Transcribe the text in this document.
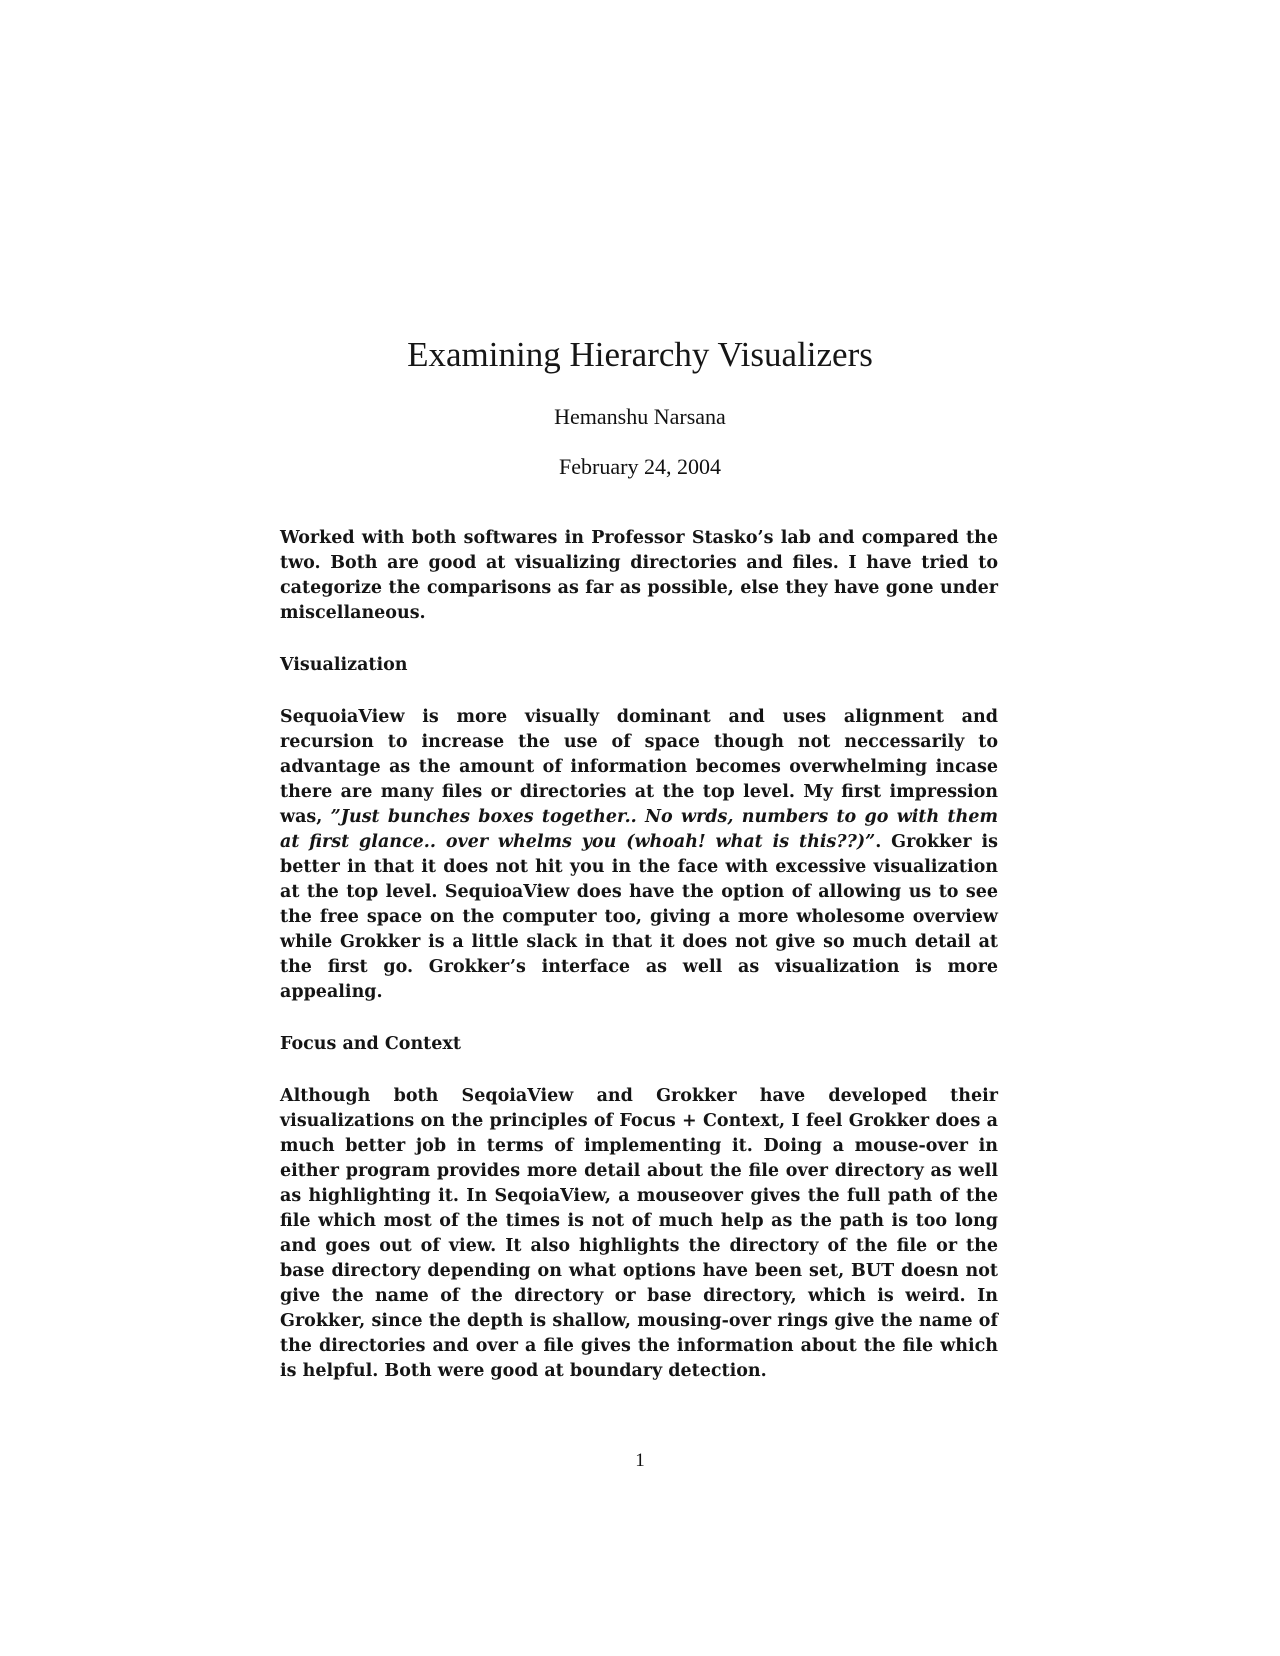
Examining Hierarchy Visualizers
Hemanshu Narsana
February 24, 2004

Worked with both softwares in Professor Stasko’s lab and compared the two. Both are good at visualizing directories and files. I have tried to categorize the comparisons as far as possible, else they have gone under miscellaneous.

Visualization

SequoiaView is more visually dominant and uses alignment and recursion to increase the use of space though not neccessarily to advantage as the amount of information becomes overwhelming incase there are many files or directories at the top level. My first impression was, ”Just bunches boxes together.. No wrds, numbers to go with them at first glance.. over whelms you (whoah! what is this??)”. Grokker is better in that it does not hit you in the face with excessive visualization at the top level. SequioaView does have the option of allowing us to see the free space on the computer too, giving a more wholesome overview while Grokker is a little slack in that it does not give so much detail at the first go. Grokker’s interface as well as visualization is more appealing.

Focus and Context

Although both SeqoiaView and Grokker have developed their visualizations on the principles of Focus + Context, I feel Grokker does a much better job in terms of implementing it. Doing a mouse-over in either program provides more detail about the file over directory as well as highlighting it. In SeqoiaView, a mouseover gives the full path of the file which most of the times is not of much help as the path is too long and goes out of view. It also highlights the directory of the file or the base directory depending on what options have been set, BUT doesn not give the name of the directory or base directory, which is weird. In Grokker, since the depth is shallow, mousing-over rings give the name of the directories and over a file gives the information about the file which is helpful. Both were good at boundary detection.

1
